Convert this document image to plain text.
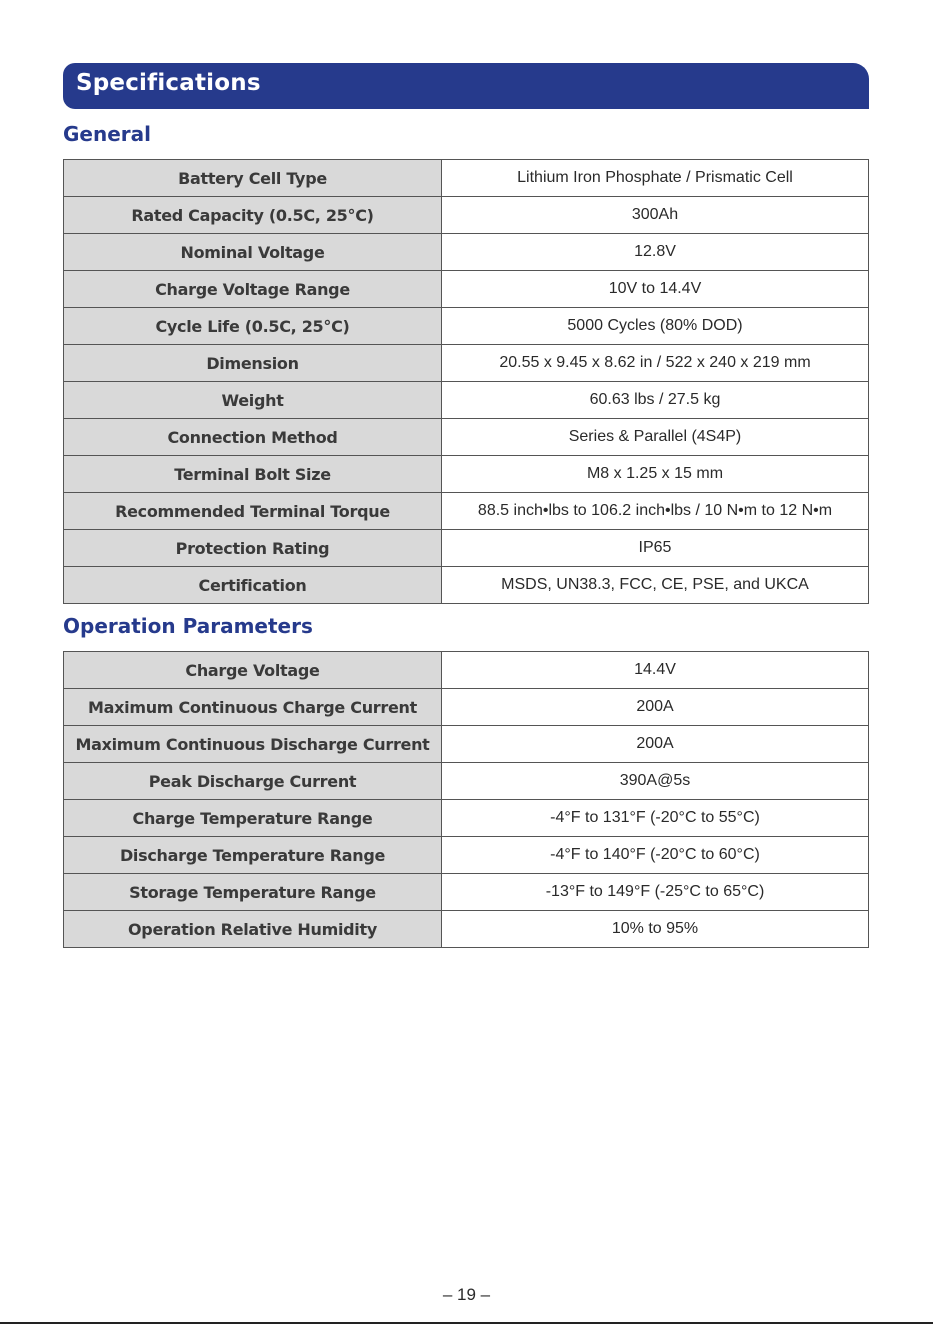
Specifications
General
Battery Cell Type	Lithium Iron Phosphate / Prismatic Cell
Rated Capacity (0.5C, 25°C)	300Ah
Nominal Voltage	12.8V
Charge Voltage Range	10V to 14.4V
Cycle Life (0.5C, 25°C)	5000 Cycles (80% DOD)
Dimension	20.55 x 9.45 x 8.62 in / 522 x 240 x 219 mm
Weight	60.63 lbs / 27.5 kg
Connection Method	Series & Parallel (4S4P)
Terminal Bolt Size	M8 x 1.25 x 15 mm
Recommended Terminal Torque	88.5 inch•lbs to 106.2 inch•lbs / 10 N•m to 12 N•m
Protection Rating	IP65
Certification	MSDS, UN38.3, FCC, CE, PSE, and UKCA
Operation Parameters
Charge Voltage	14.4V
Maximum Continuous Charge Current	200A
Maximum Continuous Discharge Current	200A
Peak Discharge Current	390A@5s
Charge Temperature Range	-4°F to 131°F (-20°C to 55°C)
Discharge Temperature Range	-4°F to 140°F (-20°C to 60°C)
Storage Temperature Range	-13°F to 149°F (-25°C to 65°C)
Operation Relative Humidity	10% to 95%
– 19 –
